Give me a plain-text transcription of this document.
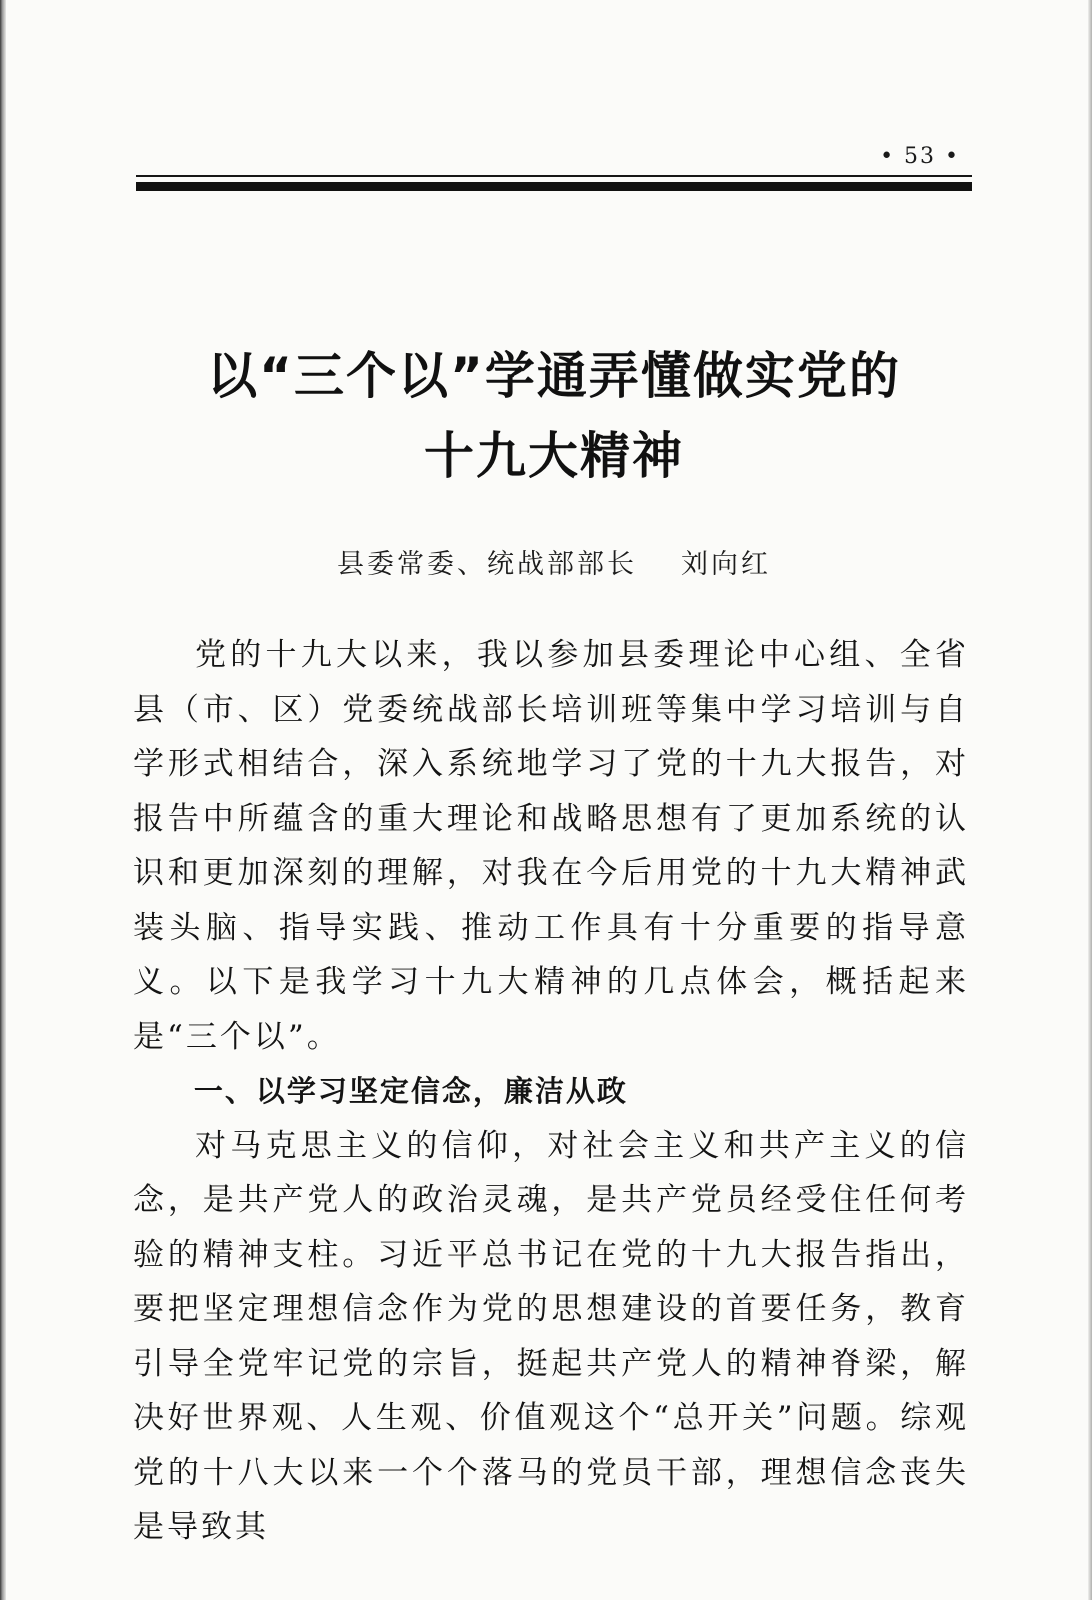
• 53 •
以“三个以”学通弄懂做实党的
十九大精神
县委常委、统战部部长 刘向红

党的十九大以来，我以参加县委理论中心组、全省县（市、区）党委统战部长培训班等集中学习培训与自学形式相结合，深入系统地学习了党的十九大报告，对报告中所蕴含的重大理论和战略思想有了更加系统的认识和更加深刻的理解，对我在今后用党的十九大精神武装头脑、指导实践、推动工作具有十分重要的指导意义。以下是我学习十九大精神的几点体会，概括起来是“三个以”。

一、以学习坚定信念，廉洁从政

对马克思主义的信仰，对社会主义和共产主义的信念，是共产党人的政治灵魂，是共产党员经受住任何考验的精神支柱。习近平总书记在党的十九大报告指出，要把坚定理想信念作为党的思想建设的首要任务，教育引导全党牢记党的宗旨，挺起共产党人的精神脊梁，解决好世界观、人生观、价值观这个“总开关”问题。综观党的十八大以来一个个落马的党员干部，理想信念丧失是导致其
